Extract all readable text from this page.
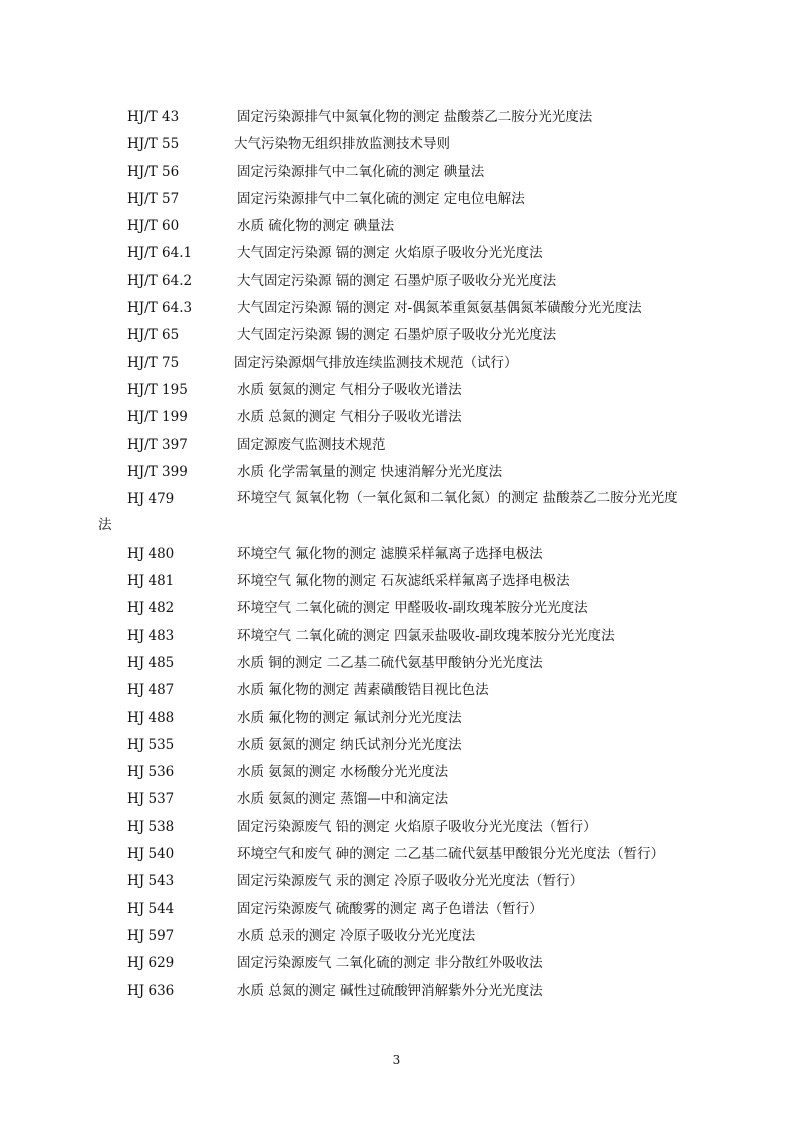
HJ/T 43	固定污染源排气中氮氧化物的测定 盐酸萘乙二胺分光光度法
HJ/T 55	大气污染物无组织排放监测技术导则
HJ/T 56	固定污染源排气中二氧化硫的测定 碘量法
HJ/T 57	固定污染源排气中二氧化硫的测定 定电位电解法
HJ/T 60	水质 硫化物的测定 碘量法
HJ/T 64.1	大气固定污染源 镉的测定 火焰原子吸收分光光度法
HJ/T 64.2	大气固定污染源 镉的测定 石墨炉原子吸收分光光度法
HJ/T 64.3	大气固定污染源 镉的测定 对-偶氮苯重氮氨基偶氮苯磺酸分光光度法
HJ/T 65	大气固定污染源 锡的测定 石墨炉原子吸收分光光度法
HJ/T 75	固定污染源烟气排放连续监测技术规范（试行）
HJ/T 195	水质 氨氮的测定 气相分子吸收光谱法
HJ/T 199	水质 总氮的测定 气相分子吸收光谱法
HJ/T 397	固定源废气监测技术规范
HJ/T 399	水质 化学需氧量的测定 快速消解分光光度法
HJ 479	环境空气 氮氧化物（一氧化氮和二氧化氮）的测定 盐酸萘乙二胺分光光度
法
HJ 480	环境空气 氟化物的测定 滤膜采样氟离子选择电极法
HJ 481	环境空气 氟化物的测定 石灰滤纸采样氟离子选择电极法
HJ 482	环境空气 二氧化硫的测定 甲醛吸收-副玫瑰苯胺分光光度法
HJ 483	环境空气 二氧化硫的测定 四氯汞盐吸收-副玫瑰苯胺分光光度法
HJ 485	水质 铜的测定 二乙基二硫代氨基甲酸钠分光光度法
HJ 487	水质 氟化物的测定 茜素磺酸锆目视比色法
HJ 488	水质 氟化物的测定 氟试剂分光光度法
HJ 535	水质 氨氮的测定 纳氏试剂分光光度法
HJ 536	水质 氨氮的测定 水杨酸分光光度法
HJ 537	水质 氨氮的测定 蒸馏—中和滴定法
HJ 538	固定污染源废气 铅的测定 火焰原子吸收分光光度法（暂行）
HJ 540	环境空气和废气 砷的测定 二乙基二硫代氨基甲酸银分光光度法（暂行）
HJ 543	固定污染源废气 汞的测定 冷原子吸收分光光度法（暂行）
HJ 544	固定污染源废气 硫酸雾的测定 离子色谱法（暂行）
HJ 597	水质 总汞的测定 冷原子吸收分光光度法
HJ 629	固定污染源废气 二氧化硫的测定 非分散红外吸收法
HJ 636	水质 总氮的测定 碱性过硫酸钾消解紫外分光光度法
3
